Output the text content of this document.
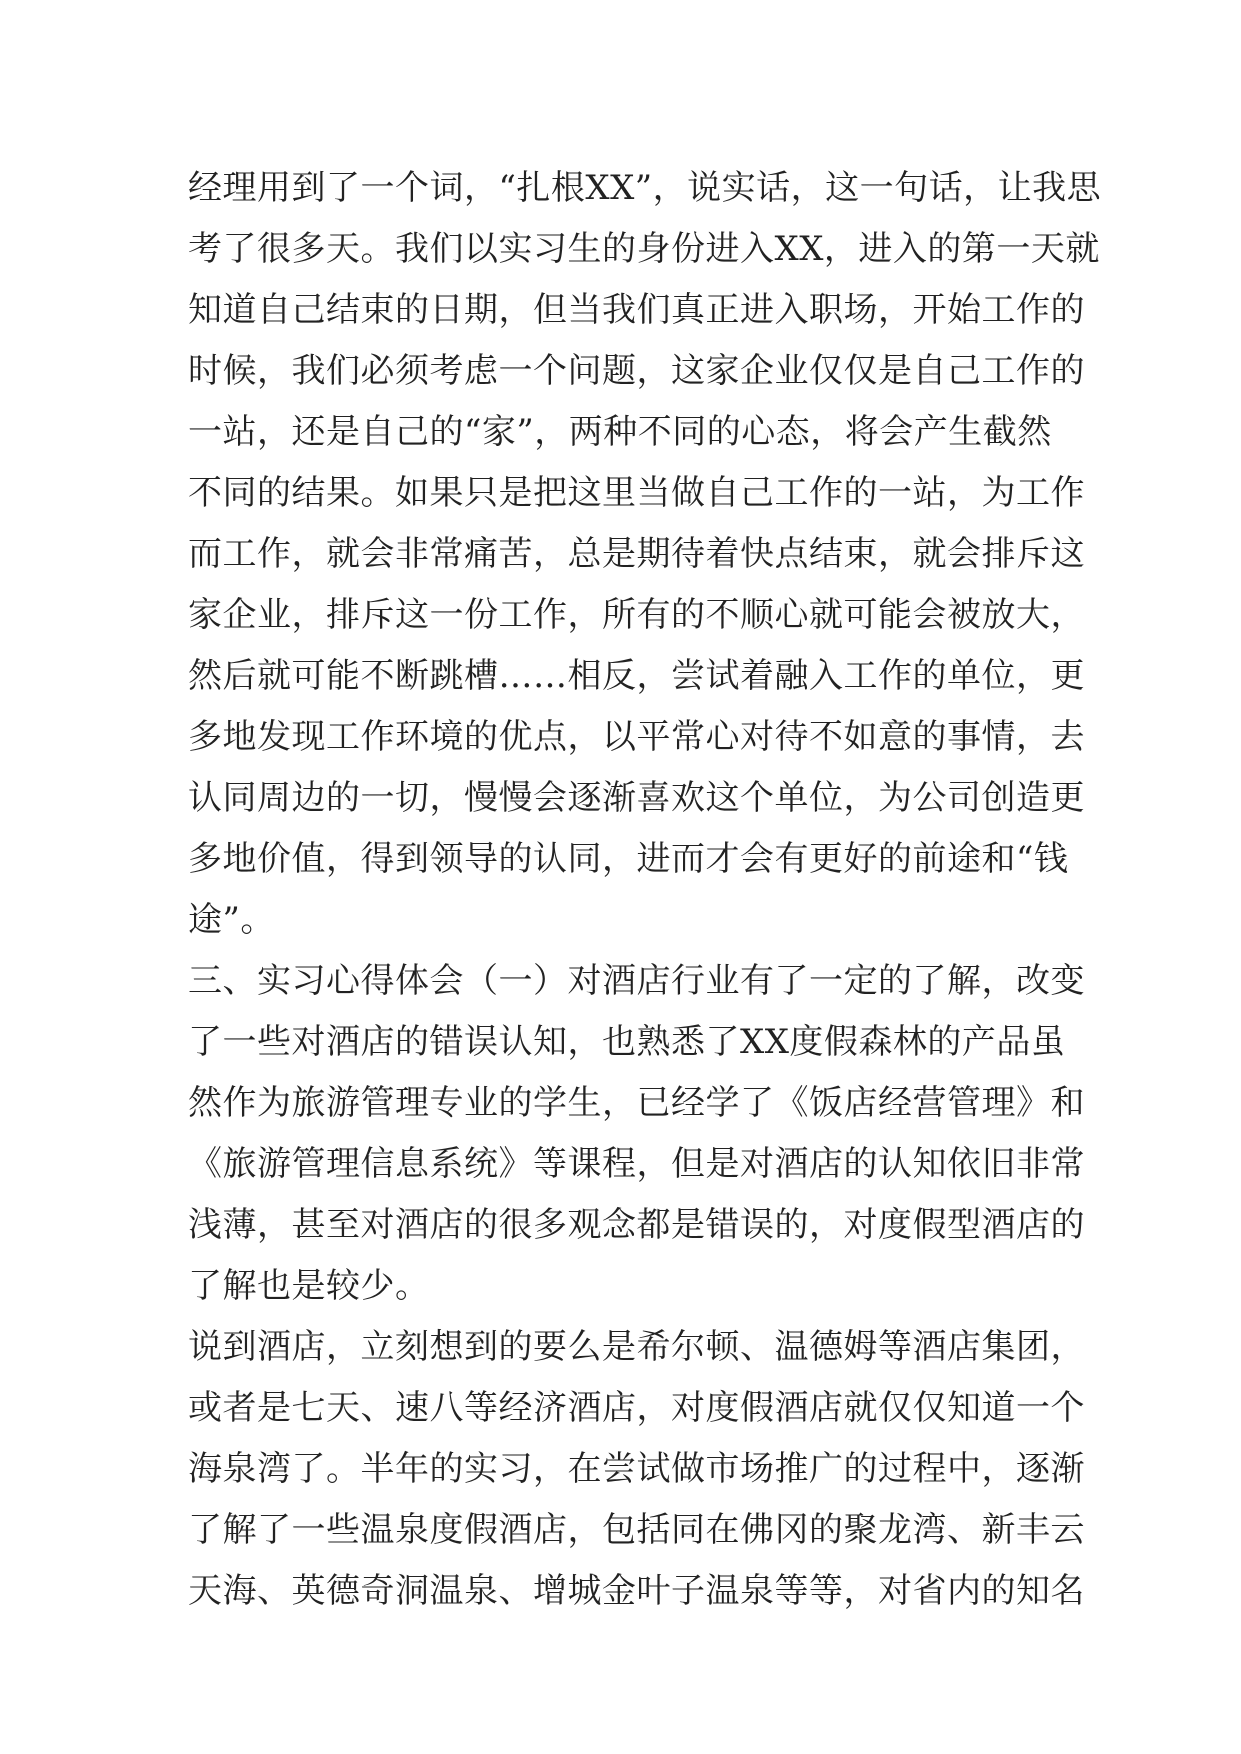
经理用到了一个词，“扎根XX”，说实话，这一句话，让我思
考了很多天。我们以实习生的身份进入XX，进入的第一天就
知道自己结束的日期，但当我们真正进入职场，开始工作的
时候，我们必须考虑一个问题，这家企业仅仅是自己工作的
一站，还是自己的“家”，两种不同的心态，将会产生截然
不同的结果。如果只是把这里当做自己工作的一站，为工作
而工作，就会非常痛苦，总是期待着快点结束，就会排斥这
家企业，排斥这一份工作，所有的不顺心就可能会被放大，
然后就可能不断跳槽……相反，尝试着融入工作的单位，更
多地发现工作环境的优点，以平常心对待不如意的事情，去
认同周边的一切，慢慢会逐渐喜欢这个单位，为公司创造更
多地价值，得到领导的认同，进而才会有更好的前途和“钱
途”。
三、实习心得体会（一）对酒店行业有了一定的了解，改变
了一些对酒店的错误认知，也熟悉了XX度假森林的产品虽
然作为旅游管理专业的学生，已经学了《饭店经营管理》和
《旅游管理信息系统》等课程，但是对酒店的认知依旧非常
浅薄，甚至对酒店的很多观念都是错误的，对度假型酒店的
了解也是较少。
说到酒店，立刻想到的要么是希尔顿、温德姆等酒店集团，
或者是七天、速八等经济酒店，对度假酒店就仅仅知道一个
海泉湾了。半年的实习，在尝试做市场推广的过程中，逐渐
了解了一些温泉度假酒店，包括同在佛冈的聚龙湾、新丰云
天海、英德奇洞温泉、增城金叶子温泉等等，对省内的知名
